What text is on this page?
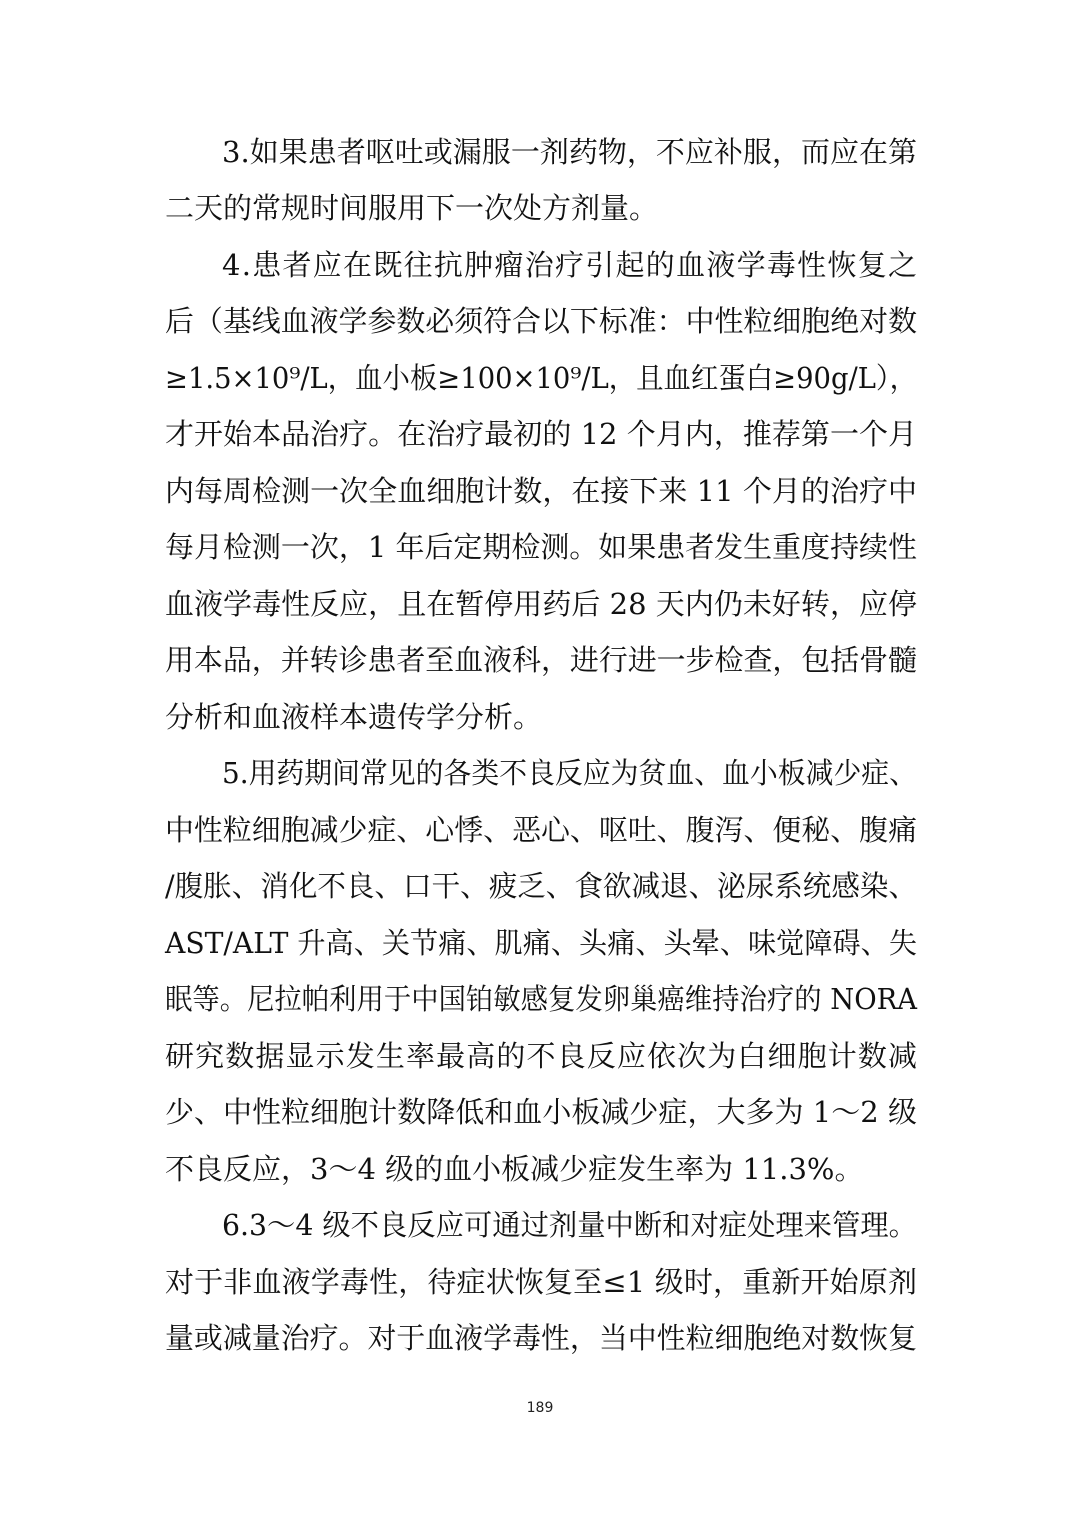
3.如果患者呕吐或漏服一剂药物，不应补服，而应在第
二天的常规时间服用下一次处方剂量。
4.患者应在既往抗肿瘤治疗引起的血液学毒性恢复之
后（基线血液学参数必须符合以下标准：中性粒细胞绝对数
≥1.5×10⁹/L，血小板≥100×10⁹/L，且血红蛋白≥90g/L），
才开始本品治疗。在治疗最初的 12 个月内，推荐第一个月
内每周检测一次全血细胞计数，在接下来 11 个月的治疗中
每月检测一次，1 年后定期检测。如果患者发生重度持续性
血液学毒性反应，且在暂停用药后 28 天内仍未好转，应停
用本品，并转诊患者至血液科，进行进一步检查，包括骨髓
分析和血液样本遗传学分析。
5.用药期间常见的各类不良反应为贫血、血小板减少症、
中性粒细胞减少症、心悸、恶心、呕吐、腹泻、便秘、腹痛
/腹胀、消化不良、口干、疲乏、食欲减退、泌尿系统感染、
AST/ALT 升高、关节痛、肌痛、头痛、头晕、味觉障碍、失
眠等。尼拉帕利用于中国铂敏感复发卵巢癌维持治疗的 NORA
研究数据显示发生率最高的不良反应依次为白细胞计数减
少、中性粒细胞计数降低和血小板减少症，大多为 1～2 级
不良反应，3～4 级的血小板减少症发生率为 11.3%。
6.3～4 级不良反应可通过剂量中断和对症处理来管理。
对于非血液学毒性，待症状恢复至≤1 级时，重新开始原剂
量或减量治疗。对于血液学毒性，当中性粒细胞绝对数恢复
189
